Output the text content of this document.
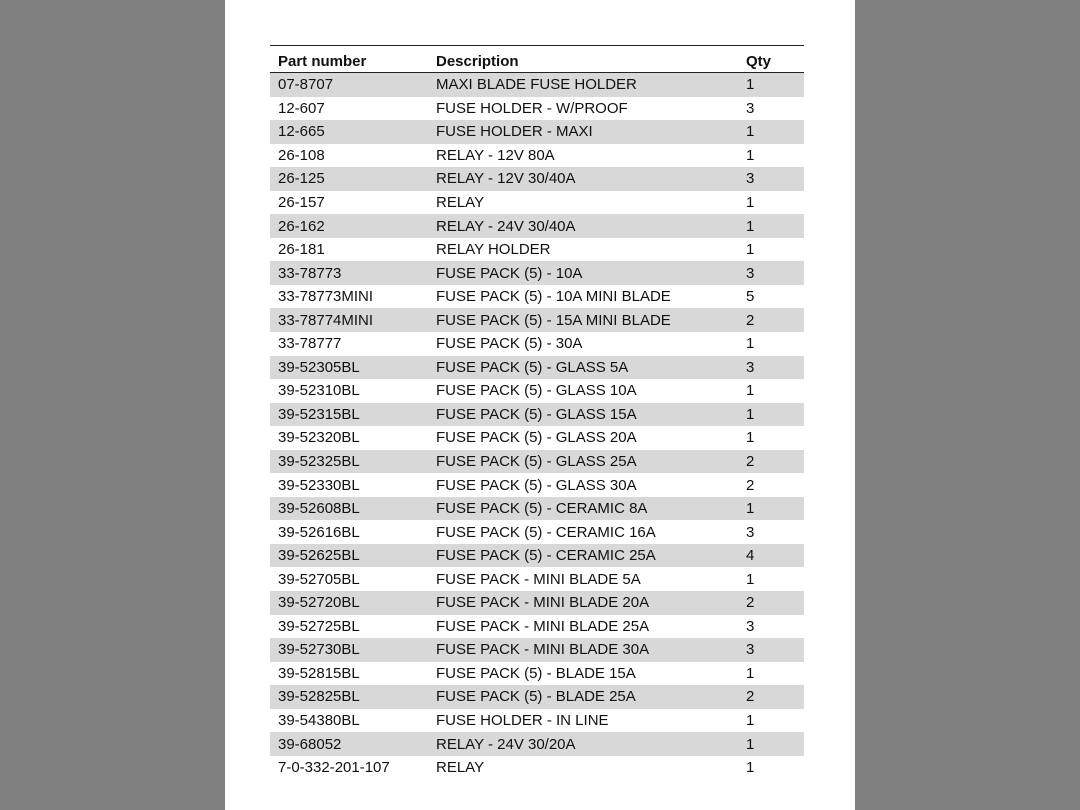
Part number	Description	Qty
07-8707	MAXI BLADE FUSE HOLDER	1
12-607	FUSE HOLDER - W/PROOF	3
12-665	FUSE HOLDER - MAXI	1
26-108	RELAY - 12V 80A	1
26-125	RELAY - 12V 30/40A	3
26-157	RELAY	1
26-162	RELAY - 24V 30/40A	1
26-181	RELAY HOLDER	1
33-78773	FUSE PACK (5) - 10A	3
33-78773MINI	FUSE PACK (5) - 10A MINI BLADE	5
33-78774MINI	FUSE PACK (5) - 15A MINI BLADE	2
33-78777	FUSE PACK (5) - 30A	1
39-52305BL	FUSE PACK (5) - GLASS 5A	3
39-52310BL	FUSE PACK (5) - GLASS 10A	1
39-52315BL	FUSE PACK (5) - GLASS 15A	1
39-52320BL	FUSE PACK (5) - GLASS 20A	1
39-52325BL	FUSE PACK (5) - GLASS 25A	2
39-52330BL	FUSE PACK (5) - GLASS 30A	2
39-52608BL	FUSE PACK (5) - CERAMIC 8A	1
39-52616BL	FUSE PACK (5) - CERAMIC 16A	3
39-52625BL	FUSE PACK (5) - CERAMIC 25A	4
39-52705BL	FUSE PACK - MINI BLADE 5A	1
39-52720BL	FUSE PACK - MINI BLADE 20A	2
39-52725BL	FUSE PACK - MINI BLADE 25A	3
39-52730BL	FUSE PACK - MINI BLADE 30A	3
39-52815BL	FUSE PACK (5) - BLADE 15A	1
39-52825BL	FUSE PACK (5) - BLADE 25A	2
39-54380BL	FUSE HOLDER - IN LINE	1
39-68052	RELAY - 24V 30/20A	1
7-0-332-201-107	RELAY	1
